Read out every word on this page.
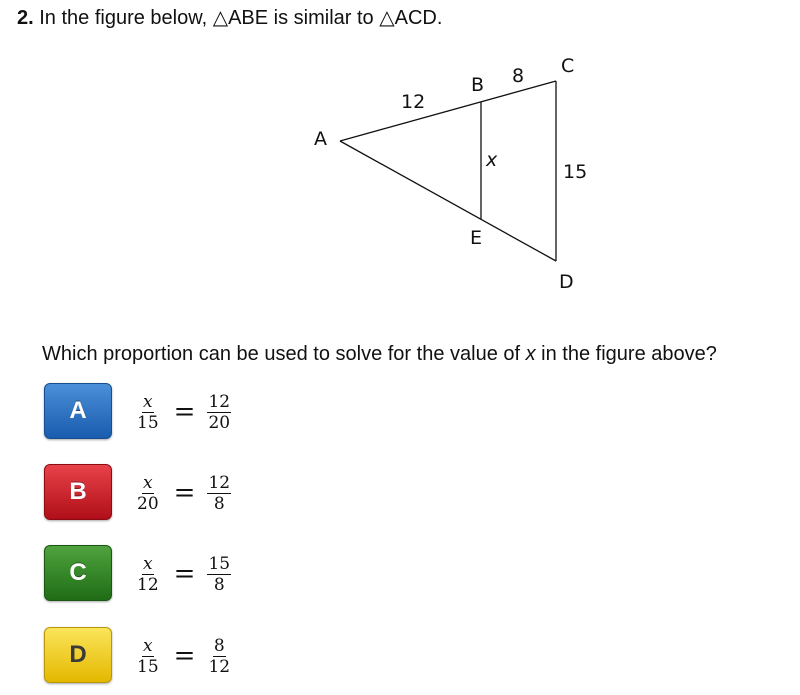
2. In the figure below, △ABE is similar to △ACD.
A
B
C
D
E
12
8
15
x
Which proportion can be used to solve for the value of x in the figure above?
A	$\frac{x}{15} = \frac{12}{20}$
B	$\frac{x}{20} = \frac{12}{8}$
C	$\frac{x}{12} = \frac{15}{8}$
D	$\frac{x}{15} = \frac{8}{12}$
